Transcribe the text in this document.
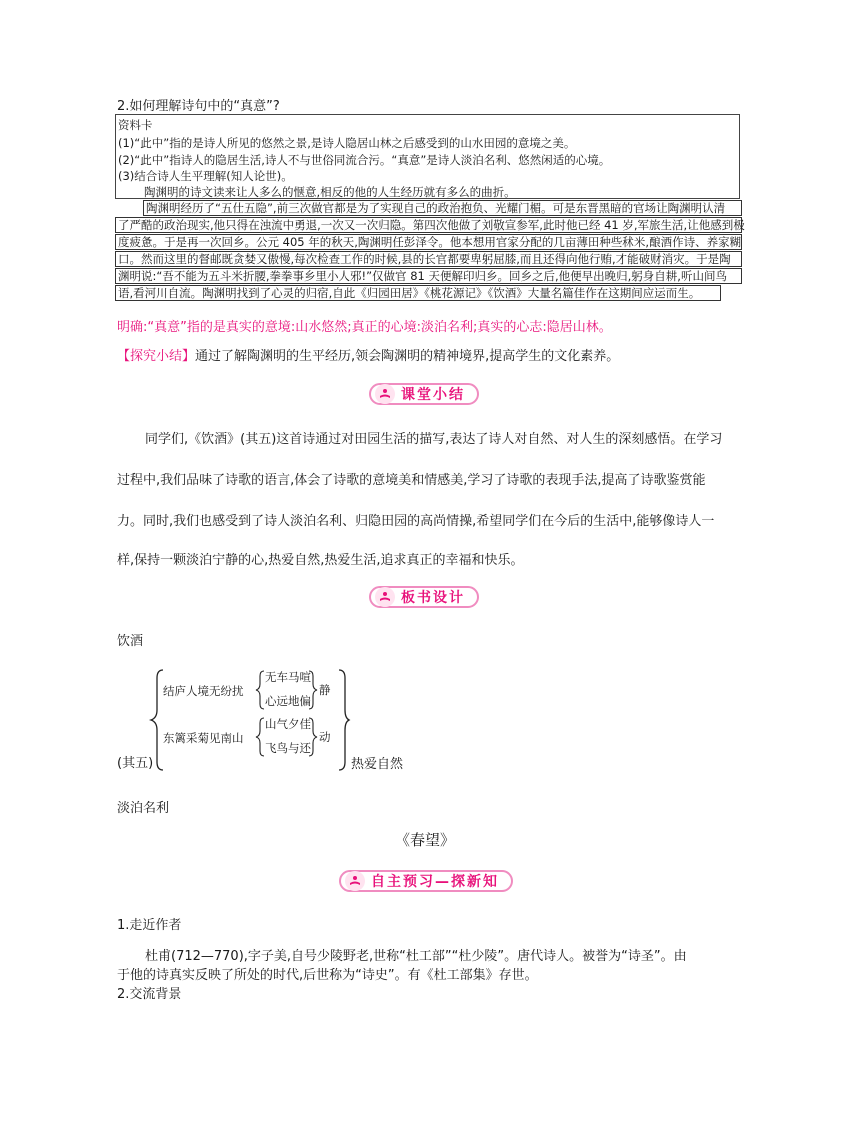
2.如何理解诗句中的“真意”?
资料卡
(1)“此中”指的是诗人所见的悠然之景,是诗人隐居山林之后感受到的山水田园的意境之美。
(2)“此中”指诗人的隐居生活,诗人不与世俗同流合污。“真意”是诗人淡泊名利、悠然闲适的心境。
(3)结合诗人生平理解(知人论世)。
陶渊明的诗文读来让人多么的惬意,相反的他的人生经历就有多么的曲折。
陶渊明经历了“五仕五隐”,前三次做官都是为了实现自己的政治抱负、光耀门楣。可是东晋黑暗的官场让陶渊明认清
了严酷的政治现实,他只得在浊流中勇退,一次又一次归隐。第四次他做了刘敬宣参军,此时他已经 41 岁,军旅生活,让他感到极
度疲惫。于是再一次回乡。公元 405 年的秋天,陶渊明任彭泽令。他本想用官家分配的几亩薄田种些秫米,酿酒作诗、养家糊
口。然而这里的督邮既贪婪又傲慢,每次检查工作的时候,县的长官都要卑躬屈膝,而且还得向他行贿,才能破财消灾。于是陶
渊明说:“吾不能为五斗米折腰,拳拳事乡里小人邪!”仅做官 81 天便解印归乡。回乡之后,他便早出晚归,躬身自耕,听山间鸟
语,看河川自流。陶渊明找到了心灵的归宿,自此《归园田居》《桃花源记》《饮酒》大量名篇佳作在这期间应运而生。
明确:“真意”指的是真实的意境:山水悠然;真正的心境:淡泊名利;真实的心志:隐居山林。
【探究小结】通过了解陶渊明的生平经历,领会陶渊明的精神境界,提高学生的文化素养。
课堂小结
同学们,《饮酒》(其五)这首诗通过对田园生活的描写,表达了诗人对自然、对人生的深刻感悟。在学习
过程中,我们品味了诗歌的语言,体会了诗歌的意境美和情感美,学习了诗歌的表现手法,提高了诗歌鉴赏能
力。同时,我们也感受到了诗人淡泊名利、归隐田园的高尚情操,希望同学们在今后的生活中,能够像诗人一
样,保持一颗淡泊宁静的心,热爱自然,热爱生活,追求真正的幸福和快乐。
板书设计
饮酒
结庐人境无纷扰
无车马喧
心远地偏
静
东篱采菊见南山
山气夕佳
飞鸟与还
动
(其五)	热爱自然
淡泊名利
《春望》
自主预习—探新知
1.走近作者
杜甫(712—770),字子美,自号少陵野老,世称“杜工部”“杜少陵”。唐代诗人。被誉为“诗圣”。由
于他的诗真实反映了所处的时代,后世称为“诗史”。有《杜工部集》存世。
2.交流背景
